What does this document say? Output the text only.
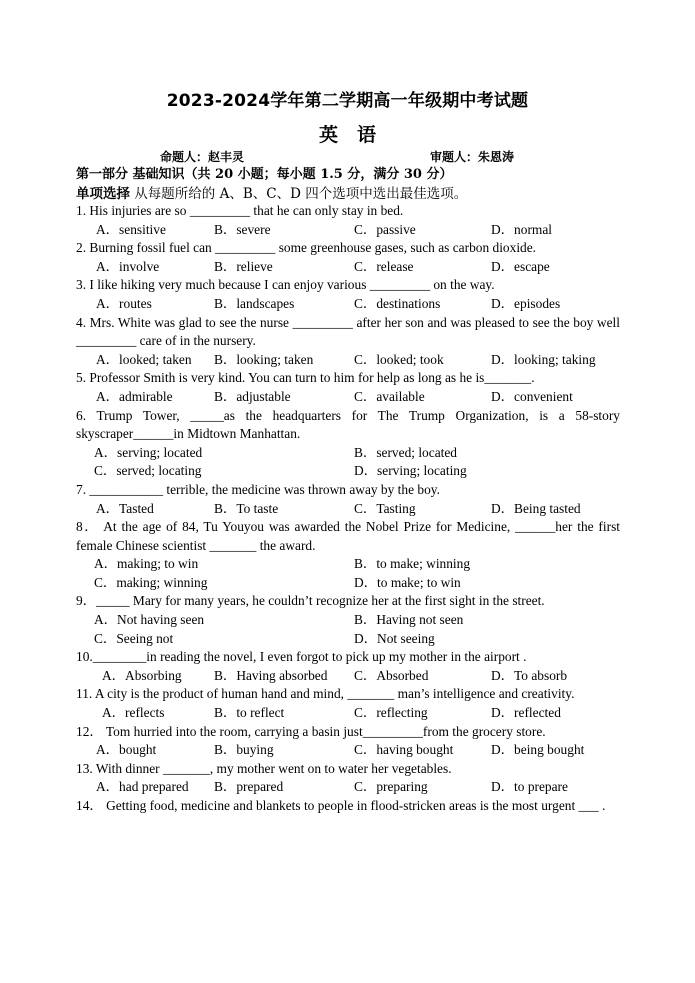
2023-2024学年第二学期高一年级期中考试题
英　语
命题人：赵丰灵	审题人：朱恩涛
第一部分 基础知识（共 20 小题；每小题 1.5 分，满分 30 分）
单项选择 从每题所给的 A、B、C、D 四个选项中选出最佳选项。

1. His injuries are so _________ that he can only stay in bed.

A．sensitive	B．severe	C．passive	D．normal

2. Burning fossil fuel can _________ some greenhouse gases, such as carbon dioxide.

A．involve	B．relieve	C．release	D．escape

3. I like hiking very much because I can enjoy various _________ on the way.

A．routes	B．landscapes	C．destinations	D．episodes

4. Mrs. White was glad to see the nurse _________ after her son and was pleased to see the boy well _________ care of in the nursery.

A．looked; taken B．looking; taken	C．looked; took	D．looking; taking

5. Professor Smith is very kind. You can turn to him for help as long as he is_______.

A．admirable	B．adjustable	C．available	D．convenient

6. Trump Tower, _____as the headquarters for The Trump Organization, is a 58-story skyscraper______in Midtown Manhattan.

A．serving; located	B．served; located
C．served; locating	D．serving; locating

7. ___________ terrible, the medicine was thrown away by the boy.

A．Tasted	B．To taste	C．Tasting	D．Being tasted

8． At the age of 84, Tu Youyou was awarded the Nobel Prize for Medicine, ______her the first female Chinese scientist _______ the award.

A．making; to win	B．to make; winning
C．making; winning	D．to make; to win

9．_____ Mary for many years, he couldn’t recognize her at the first sight in the street.

A．Not having seen	B．Having not seen
C．Seeing not	D．Not seeing

10.________in reading the novel, I even forgot to pick up my mother in the airport .

A．Absorbing B．Having absorbed C．Absorbed	D．To absorb

11. A city is the product of human hand and mind, _______ man’s intelligence and creativity.

A．reflects	B．to reflect	C．reflecting	D．reflected

12． Tom hurried into the room, carrying a basin just_________from the grocery store.

A．bought	B．buying	C．having bought	D．being bought

13. With dinner _______, my mother went on to water her vegetables.

A．had prepared B．prepared	C．preparing	D．to prepare

14． Getting food, medicine and blankets to people in flood-stricken areas is the most urgent ___ .
